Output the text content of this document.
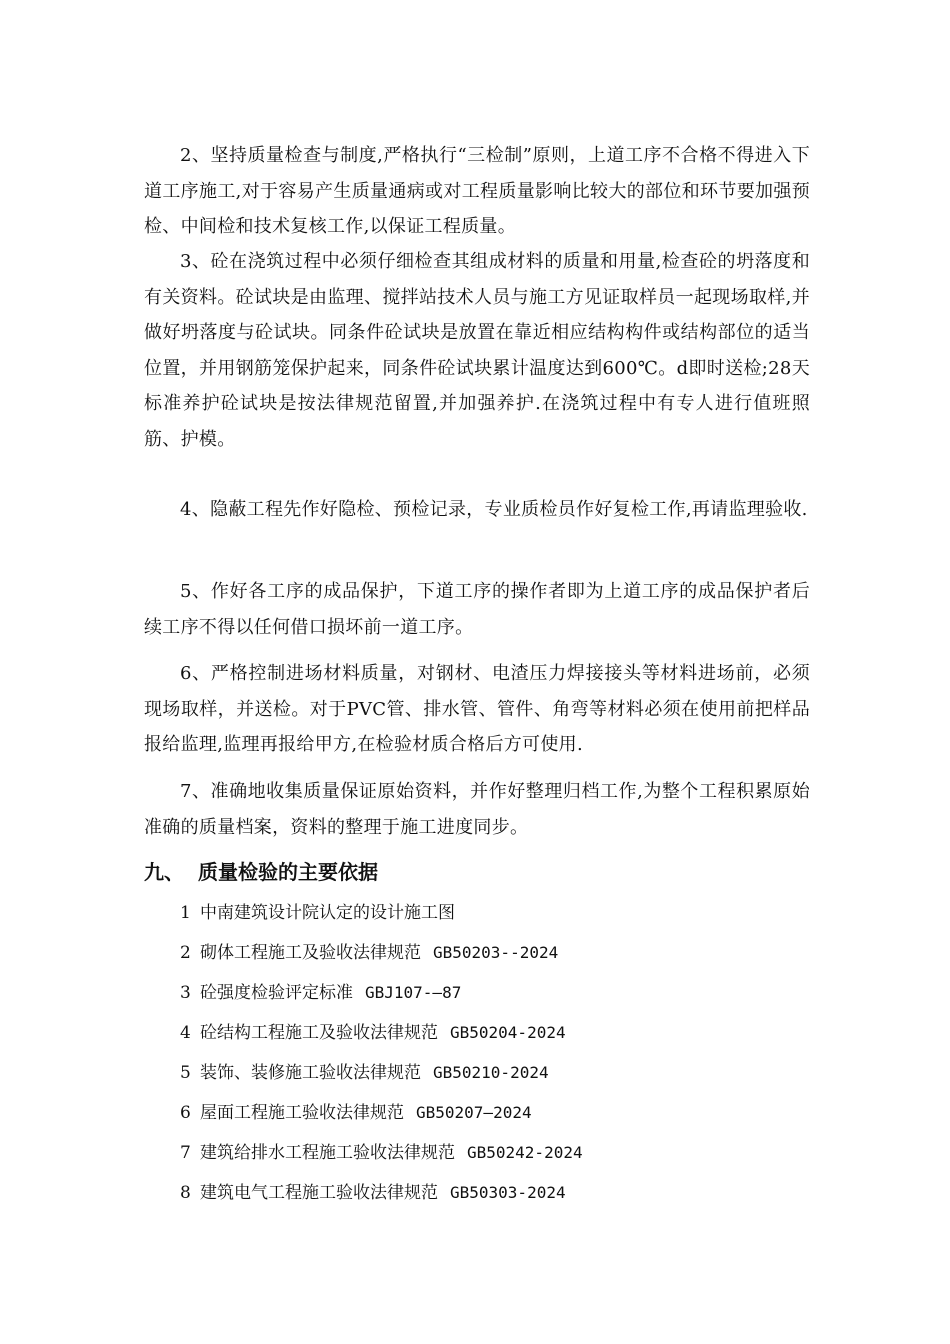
2、坚持质量检查与制度,严格执行“三检制”原则，上道工序不合格不得进入下道工序施工,对于容易产生质量通病或对工程质量影响比较大的部位和环节要加强预检、中间检和技术复核工作,以保证工程质量。

3、砼在浇筑过程中必须仔细检查其组成材料的质量和用量,检查砼的坍落度和有关资料。砼试块是由监理、搅拌站技术人员与施工方见证取样员一起现场取样,并做好坍落度与砼试块。同条件砼试块是放置在靠近相应结构构件或结构部位的适当位置，并用钢筋笼保护起来，同条件砼试块累计温度达到600℃。d即时送检;28天标准养护砼试块是按法律规范留置,并加强养护.在浇筑过程中有专人进行值班照筋、护模。

4、隐蔽工程先作好隐检、预检记录，专业质检员作好复检工作,再请监理验收.

5、作好各工序的成品保护，下道工序的操作者即为上道工序的成品保护者后续工序不得以任何借口损坏前一道工序。

6、严格控制进场材料质量，对钢材、电渣压力焊接接头等材料进场前，必须现场取样，并送检。对于PVC管、排水管、管件、角弯等材料必须在使用前把样品报给监理,监理再报给甲方,在检验材质合格后方可使用.

7、准确地收集质量保证原始资料，并作好整理归档工作,为整个工程积累原始准确的质量档案，资料的整理于施工进度同步。

九、 质量检验的主要依据
1 中南建筑设计院认定的设计施工图
2 砌体工程施工及验收法律规范 GB50203--2024
3 砼强度检验评定标准 GBJ107-—87
4 砼结构工程施工及验收法律规范 GB50204-2024
5 装饰、装修施工验收法律规范 GB50210-2024
6 屋面工程施工验收法律规范 GB50207—2024
7 建筑给排水工程施工验收法律规范 GB50242-2024
8 建筑电气工程施工验收法律规范 GB50303-2024
